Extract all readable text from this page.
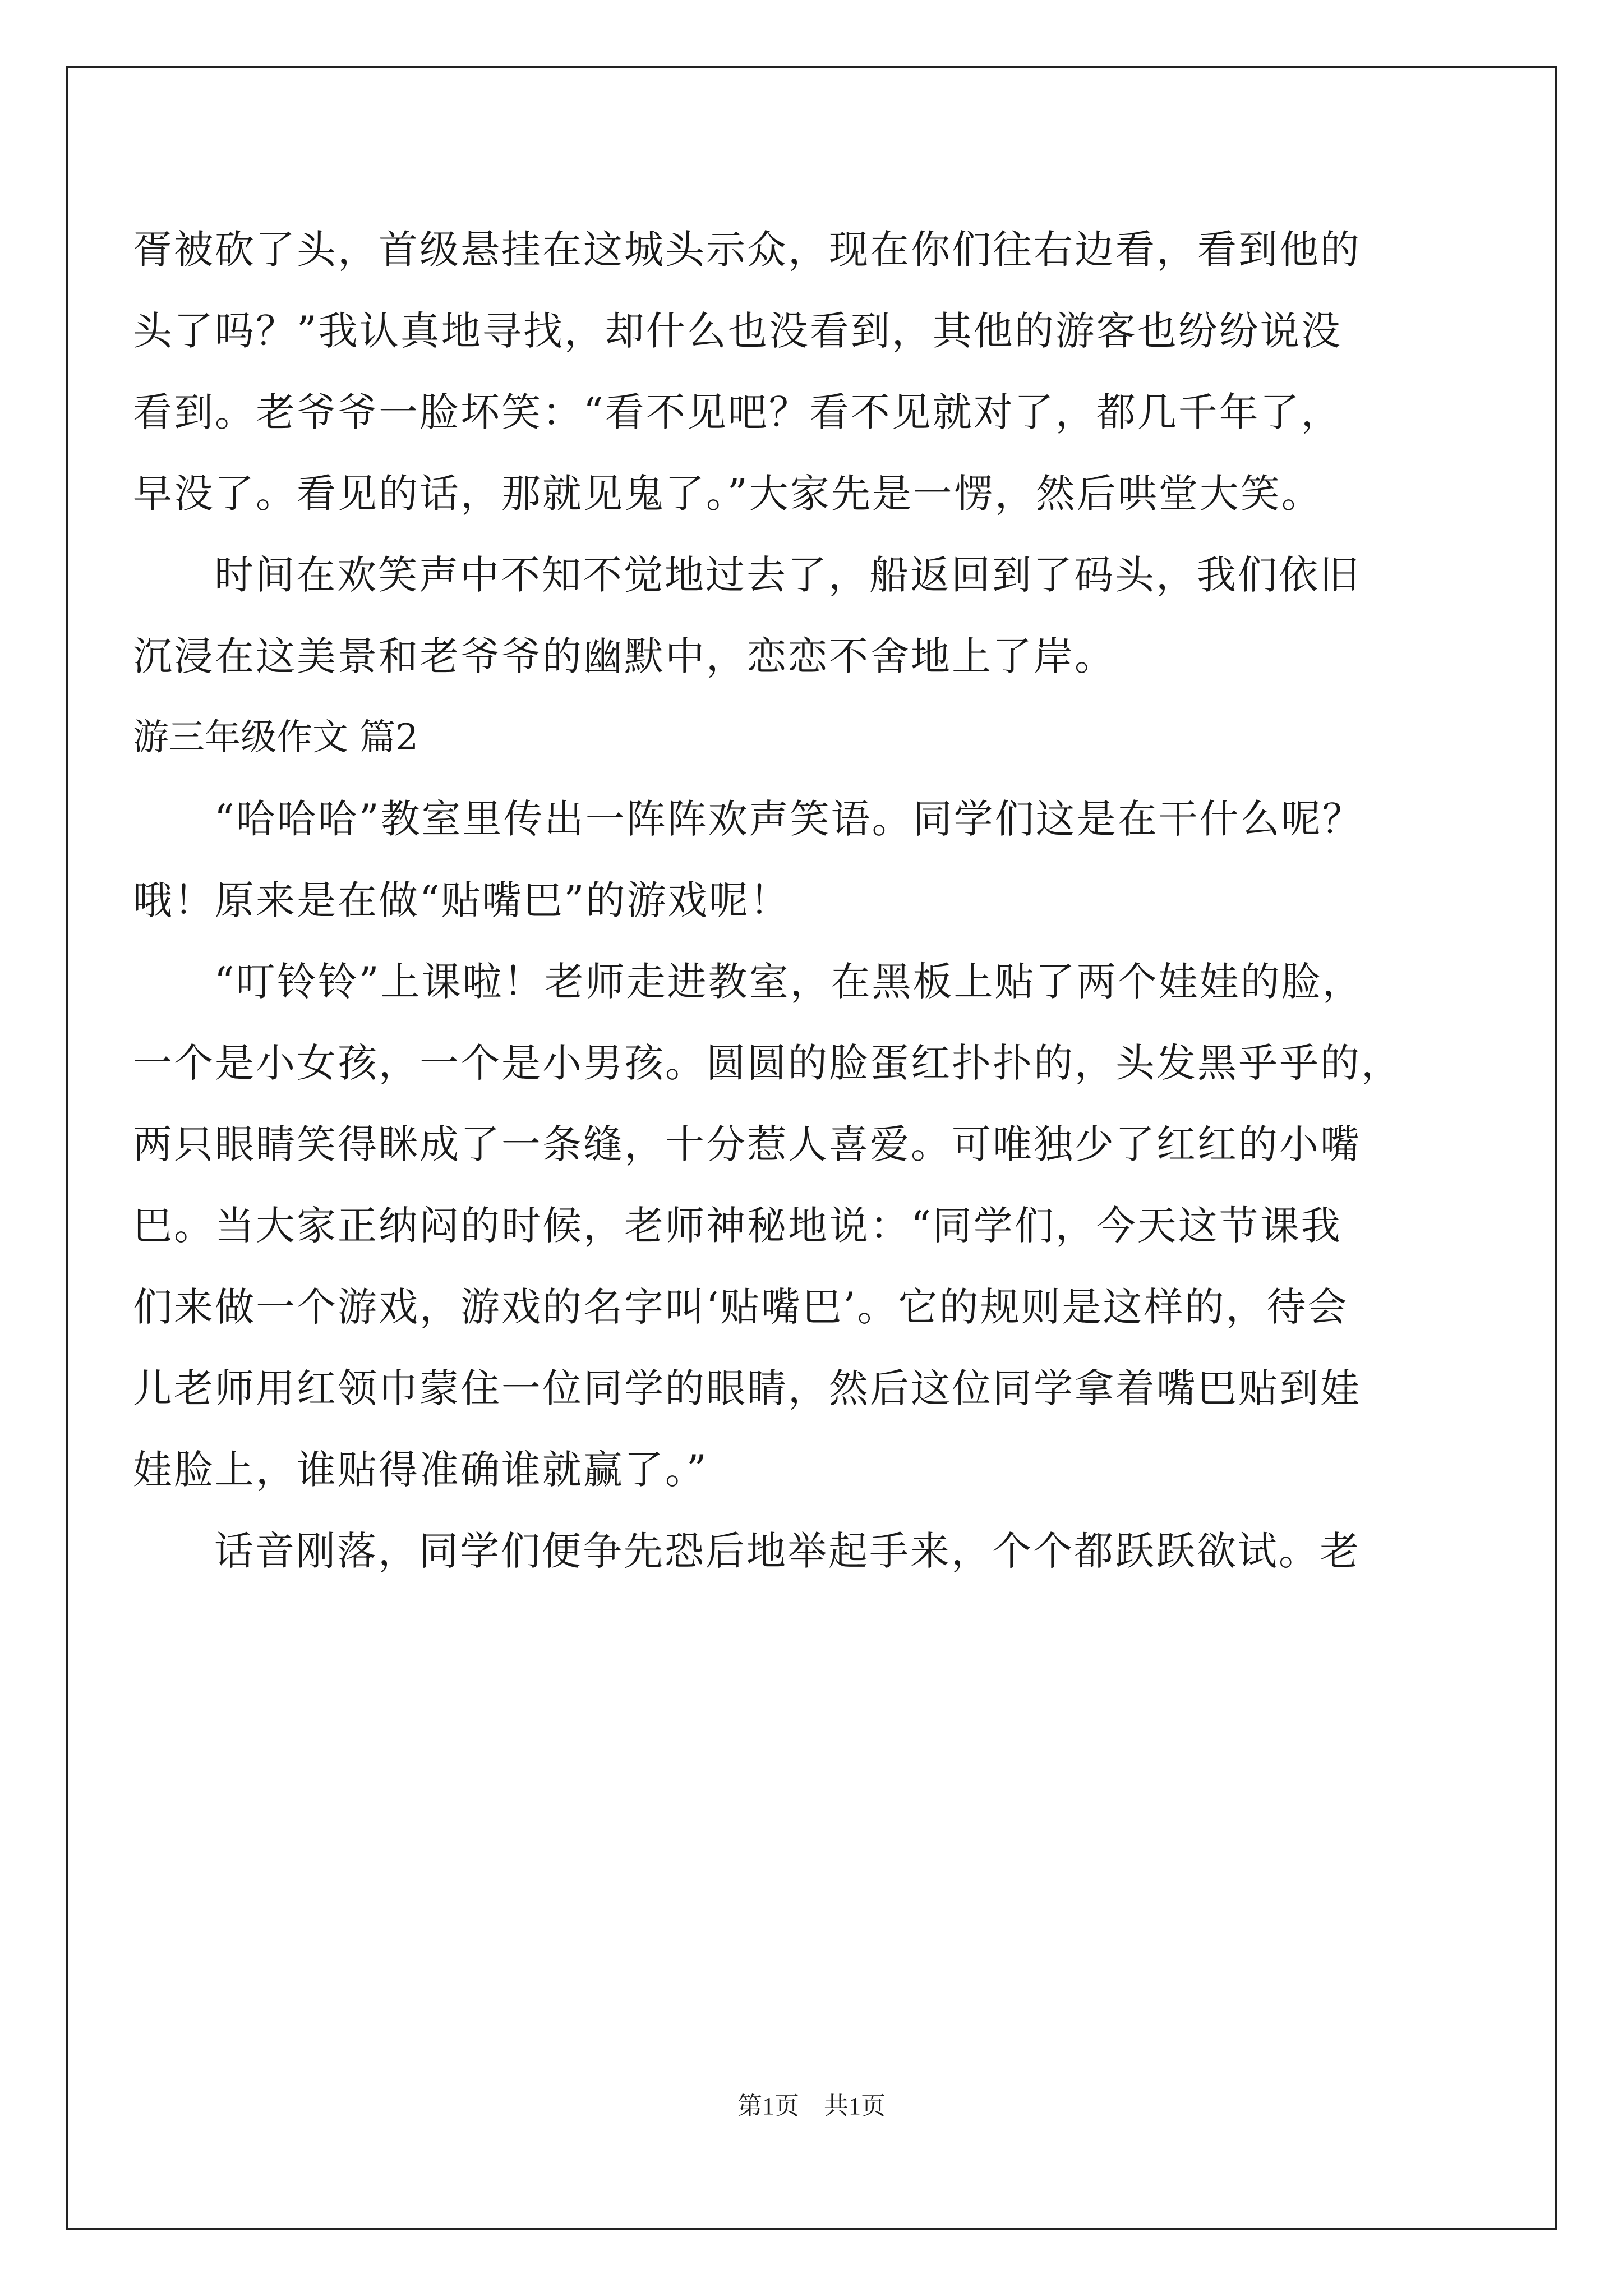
胥被砍了头，首级悬挂在这城头示众，现在你们往右边看，看到他的
头了吗？”我认真地寻找，却什么也没看到，其他的游客也纷纷说没
看到。老爷爷一脸坏笑：“看不见吧？看不见就对了，都几千年了，
早没了。看见的话，那就见鬼了。”大家先是一愣，然后哄堂大笑。
时间在欢笑声中不知不觉地过去了，船返回到了码头，我们依旧
沉浸在这美景和老爷爷的幽默中，恋恋不舍地上了岸。
游三年级作文 篇2
“哈哈哈”教室里传出一阵阵欢声笑语。同学们这是在干什么呢？
哦！原来是在做“贴嘴巴”的游戏呢！
“叮铃铃”上课啦！老师走进教室，在黑板上贴了两个娃娃的脸，
一个是小女孩，一个是小男孩。圆圆的脸蛋红扑扑的，头发黑乎乎的，
两只眼睛笑得眯成了一条缝，十分惹人喜爱。可唯独少了红红的小嘴
巴。当大家正纳闷的时候，老师神秘地说：“同学们，今天这节课我
们来做一个游戏，游戏的名字叫‘贴嘴巴’。它的规则是这样的，待会
儿老师用红领巾蒙住一位同学的眼睛，然后这位同学拿着嘴巴贴到娃
娃脸上，谁贴得准确谁就赢了。”
话音刚落，同学们便争先恐后地举起手来，个个都跃跃欲试。老
第1页　共1页
